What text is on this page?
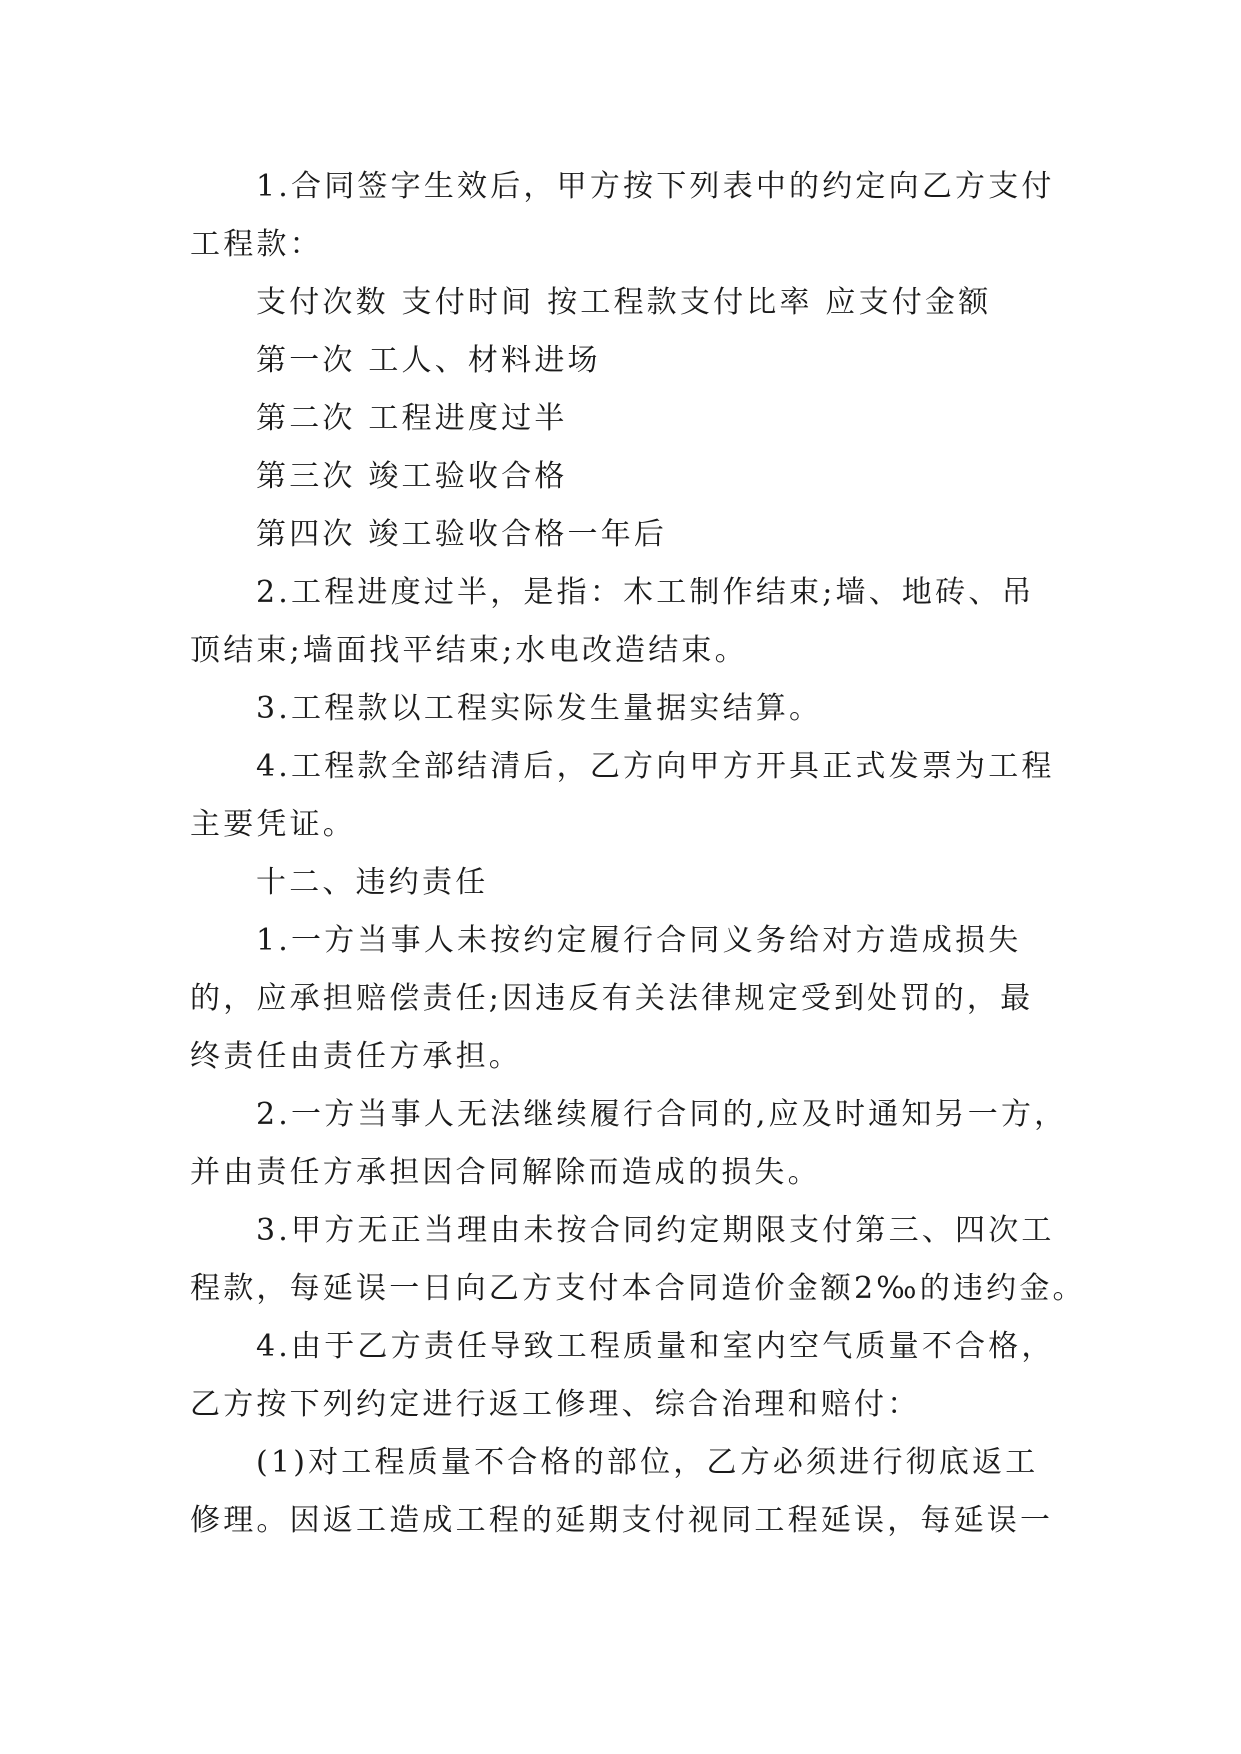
1.合同签字生效后，甲方按下列表中的约定向乙方支付
工程款：
支付次数 支付时间 按工程款支付比率 应支付金额
第一次 工人、材料进场
第二次 工程进度过半
第三次 竣工验收合格
第四次 竣工验收合格一年后
2.工程进度过半，是指：木工制作结束;墙、地砖、吊
顶结束;墙面找平结束;水电改造结束。
3.工程款以工程实际发生量据实结算。
4.工程款全部结清后，乙方向甲方开具正式发票为工程
主要凭证。
十二、违约责任
1.一方当事人未按约定履行合同义务给对方造成损失
的，应承担赔偿责任;因违反有关法律规定受到处罚的，最
终责任由责任方承担。
2.一方当事人无法继续履行合同的,应及时通知另一方，
并由责任方承担因合同解除而造成的损失。
3.甲方无正当理由未按合同约定期限支付第三、四次工
程款，每延误一日向乙方支付本合同造价金额2‰的违约金。
4.由于乙方责任导致工程质量和室内空气质量不合格，
乙方按下列约定进行返工修理、综合治理和赔付：
(1)对工程质量不合格的部位，乙方必须进行彻底返工
修理。因返工造成工程的延期支付视同工程延误，每延误一
